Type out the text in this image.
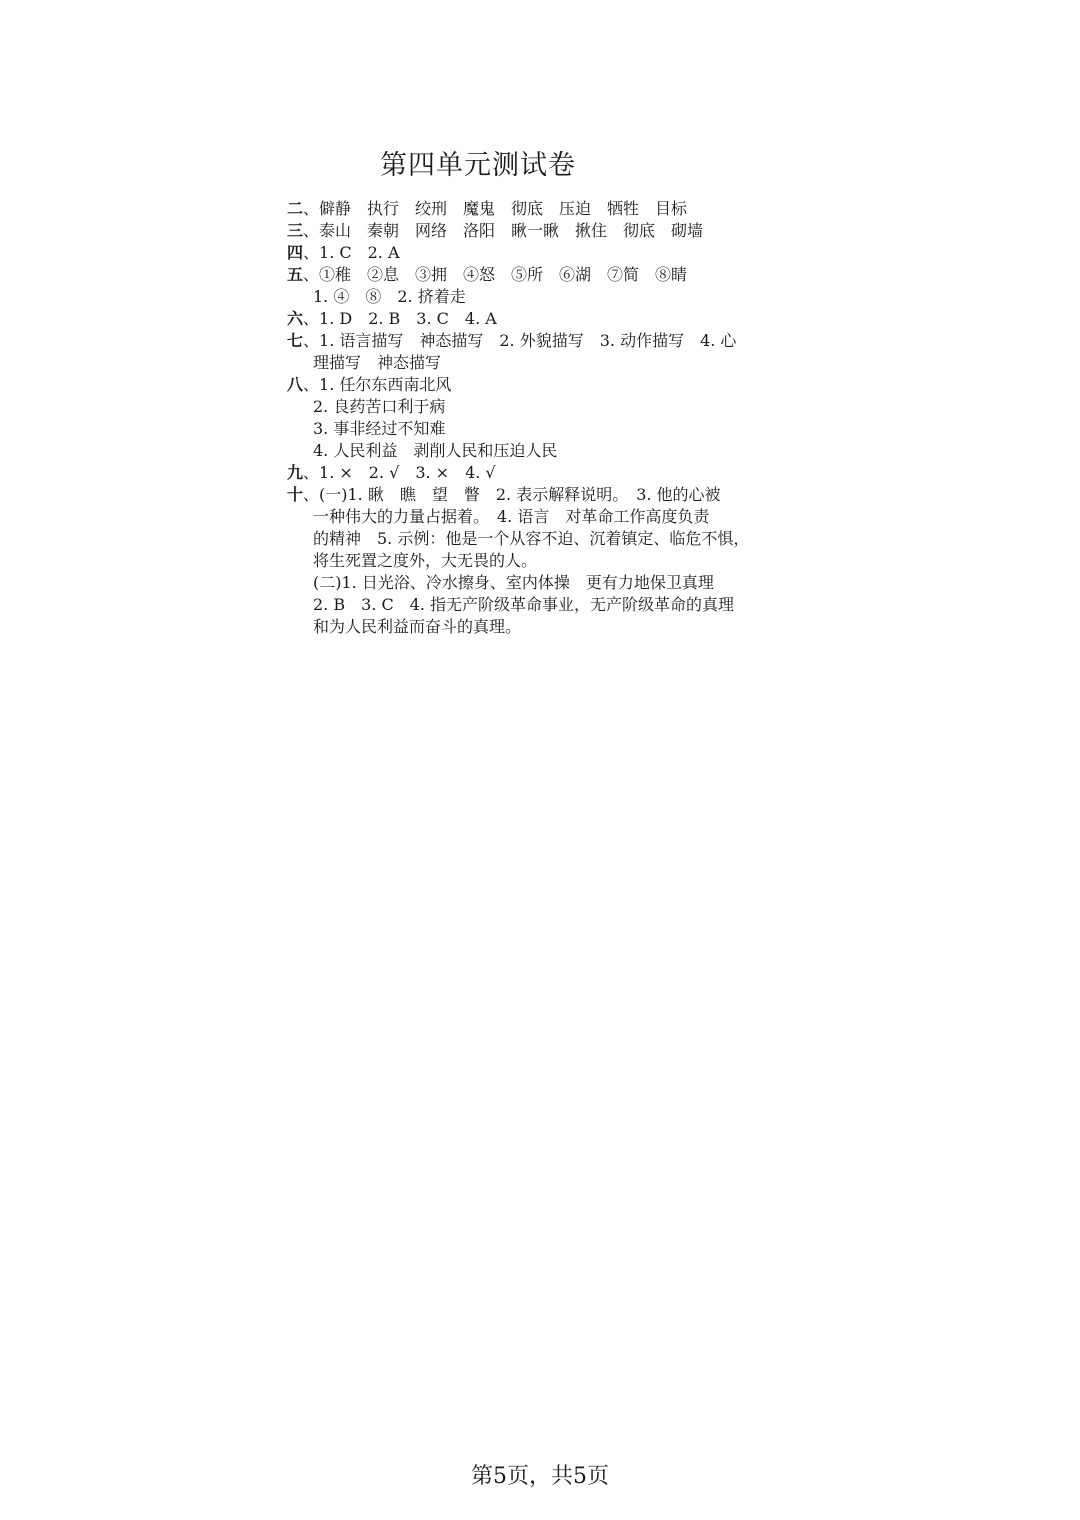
第四单元测试卷
二、僻静　执行　绞刑　魔鬼　彻底　压迫　牺牲　目标
三、泰山　秦朝　网络　洛阳　瞅一瞅　揪住　彻底　砌墙
四、1. C　2. A
五、①稚　②息　③拥　④怒　⑤所　⑥湖　⑦简　⑧睛
1. ④　⑧　2. 挤着走
六、1. D　2. B　3. C　4. A
七、1. 语言描写　神态描写　2. 外貌描写　3. 动作描写　4. 心
理描写　神态描写
八、1. 任尔东西南北风
2. 良药苦口利于病
3. 事非经过不知难
4. 人民利益　剥削人民和压迫人民
九、1. ×　2. √　3. ×　4. √
十、(一)1. 瞅　瞧　望　瞥　2. 表示解释说明。　3. 他的心被
一种伟大的力量占据着。　4. 语言　对革命工作高度负责
的精神　5. 示例：他是一个从容不迫、沉着镇定、临危不惧，
将生死置之度外，大无畏的人。
(二)1. 日光浴、冷水擦身、室内体操　更有力地保卫真理
2. B　3. C　4. 指无产阶级革命事业，无产阶级革命的真理
和为人民利益而奋斗的真理。
第5页，共5页
